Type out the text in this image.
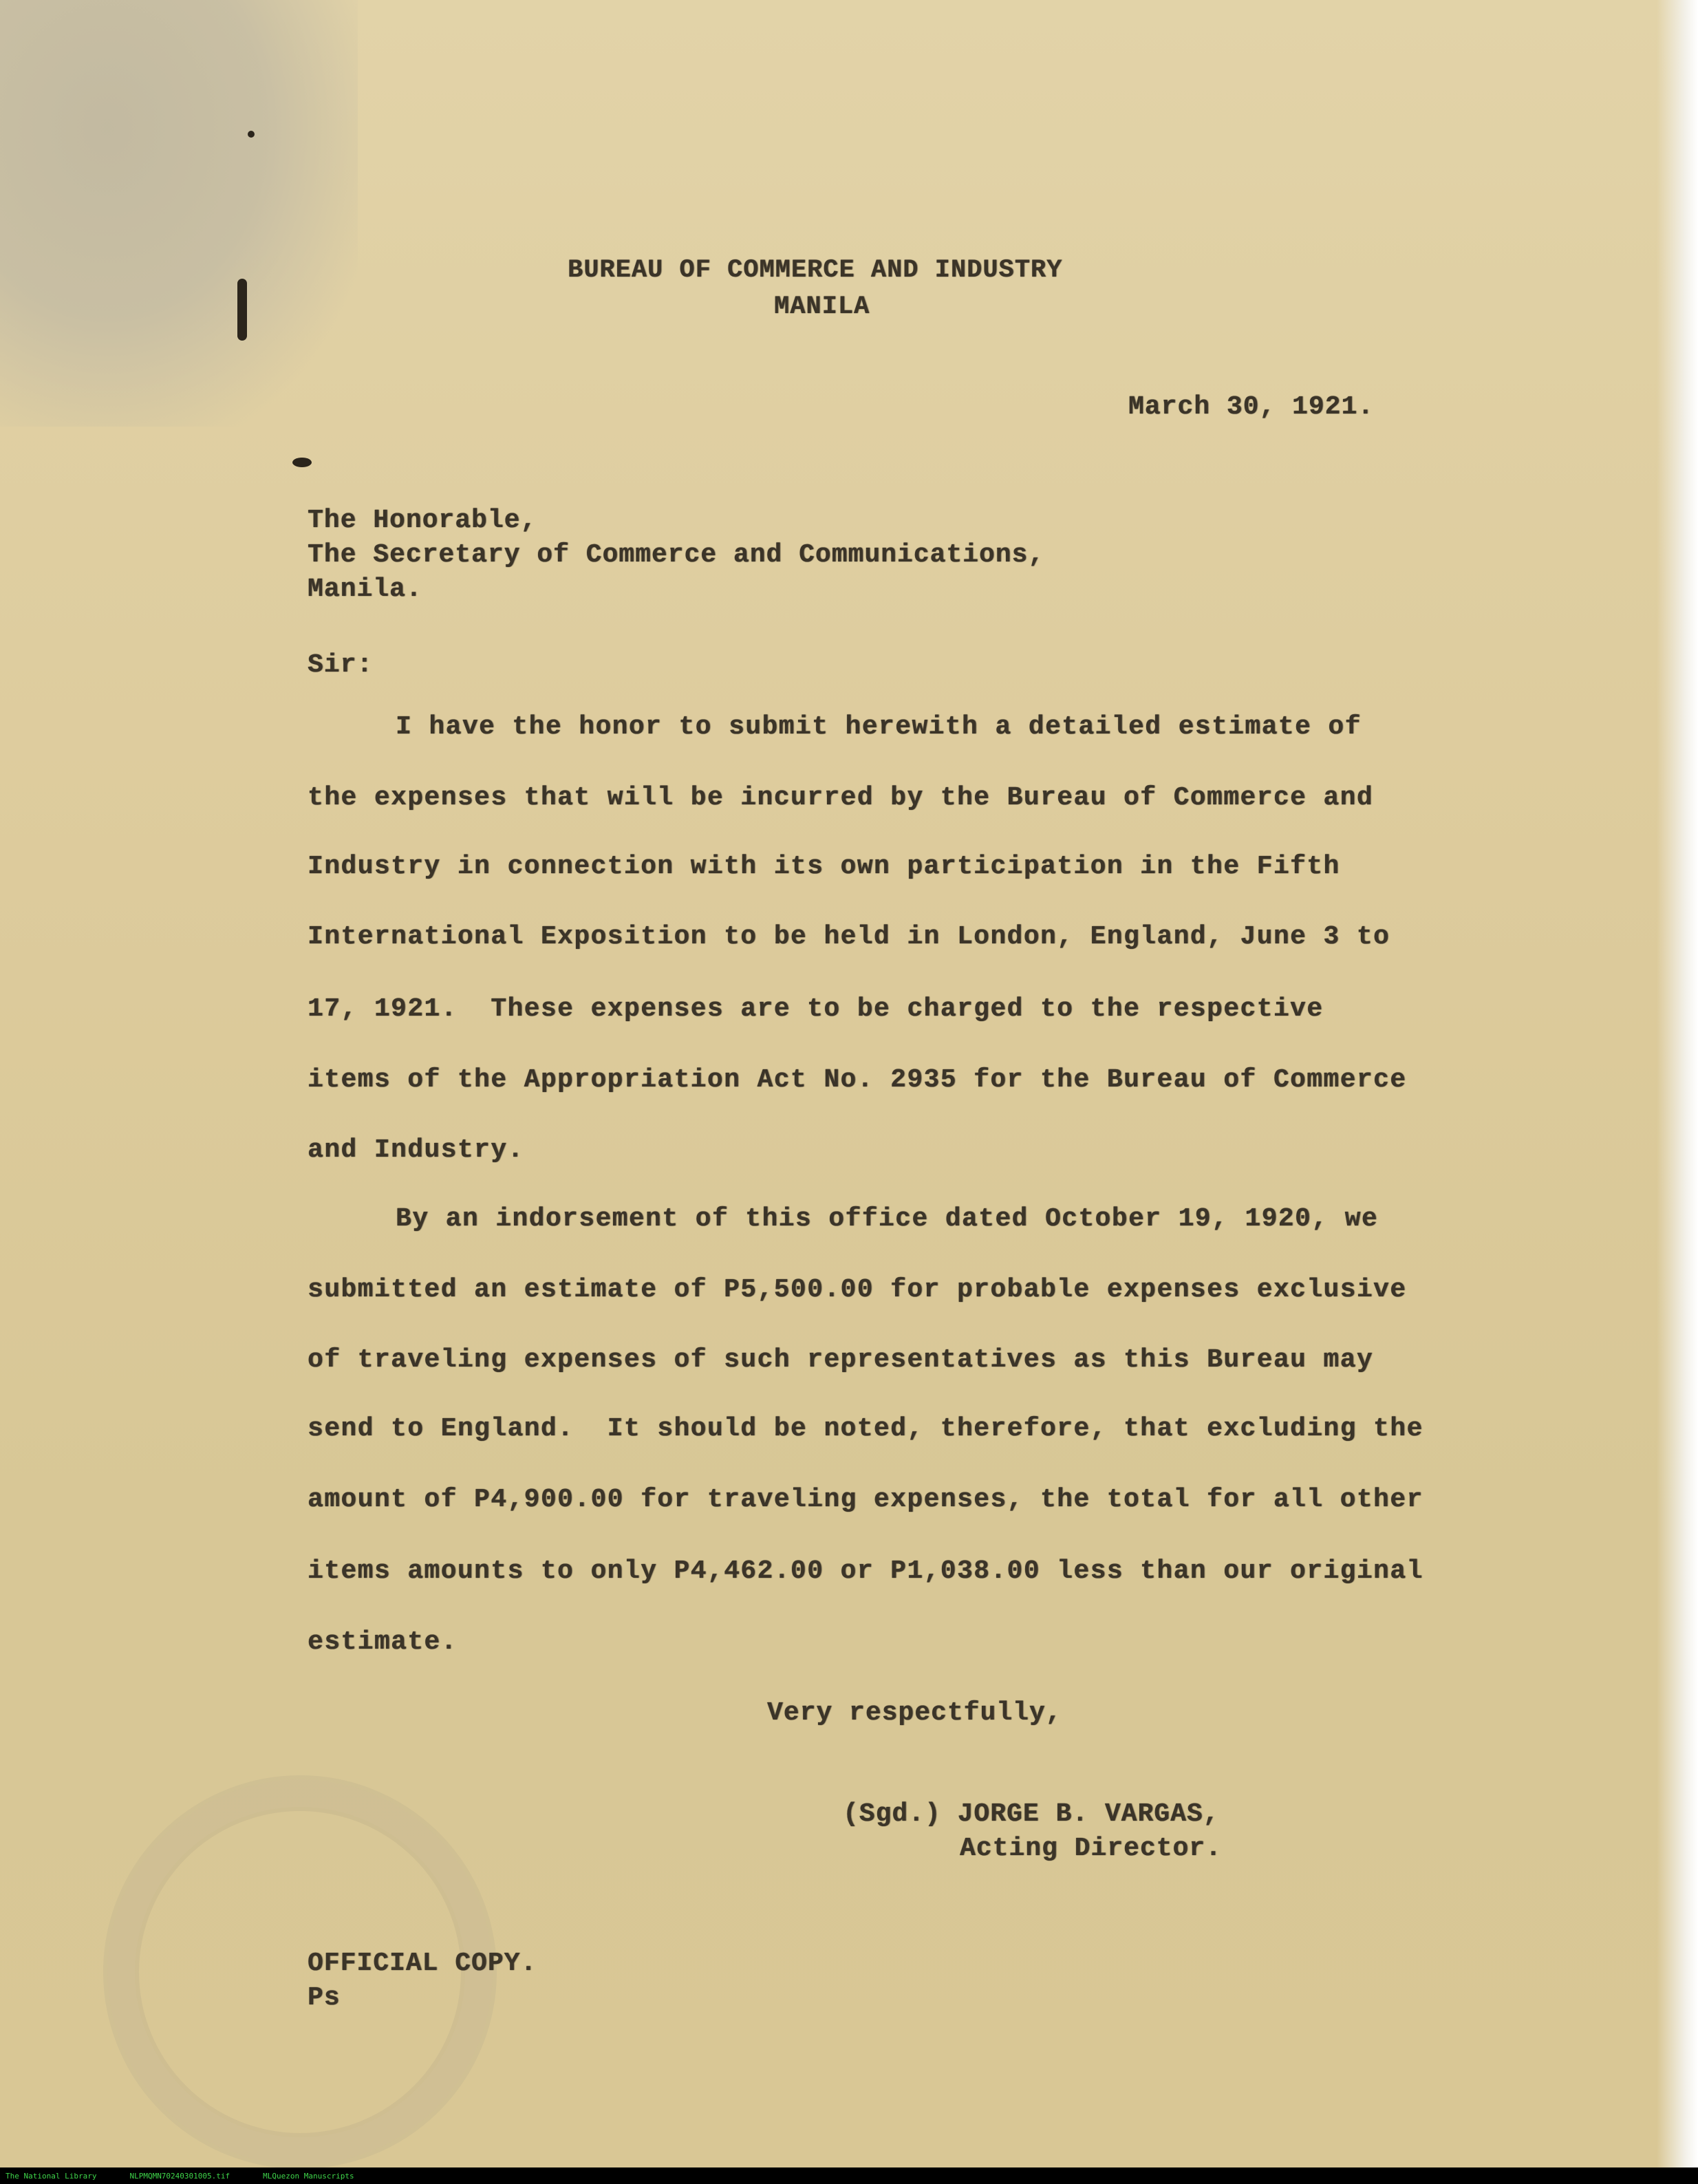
BUREAU OF COMMERCE AND INDUSTRY
MANILA
March 30, 1921.
The Honorable,
The Secretary of Commerce and Communications,
Manila.
Sir:
I have the honor to submit herewith a detailed estimate of
the expenses that will be incurred by the Bureau of Commerce and
Industry in connection with its own participation in the Fifth
International Exposition to be held in London, England, June 3 to
17, 1921.  These expenses are to be charged to the respective
items of the Appropriation Act No. 2935 for the Bureau of Commerce
and Industry.
By an indorsement of this office dated October 19, 1920, we
submitted an estimate of P5,500.00 for probable expenses exclusive
of traveling expenses of such representatives as this Bureau may
send to England.  It should be noted, therefore, that excluding the
amount of P4,900.00 for traveling expenses, the total for all other
items amounts to only P4,462.00 or P1,038.00 less than our original
estimate.
Very respectfully,
(Sgd.) JORGE B. VARGAS,
Acting Director.
OFFICIAL COPY.
Ps
The National Library	NLPMQMN70240301005.tif	MLQuezon Manuscripts
